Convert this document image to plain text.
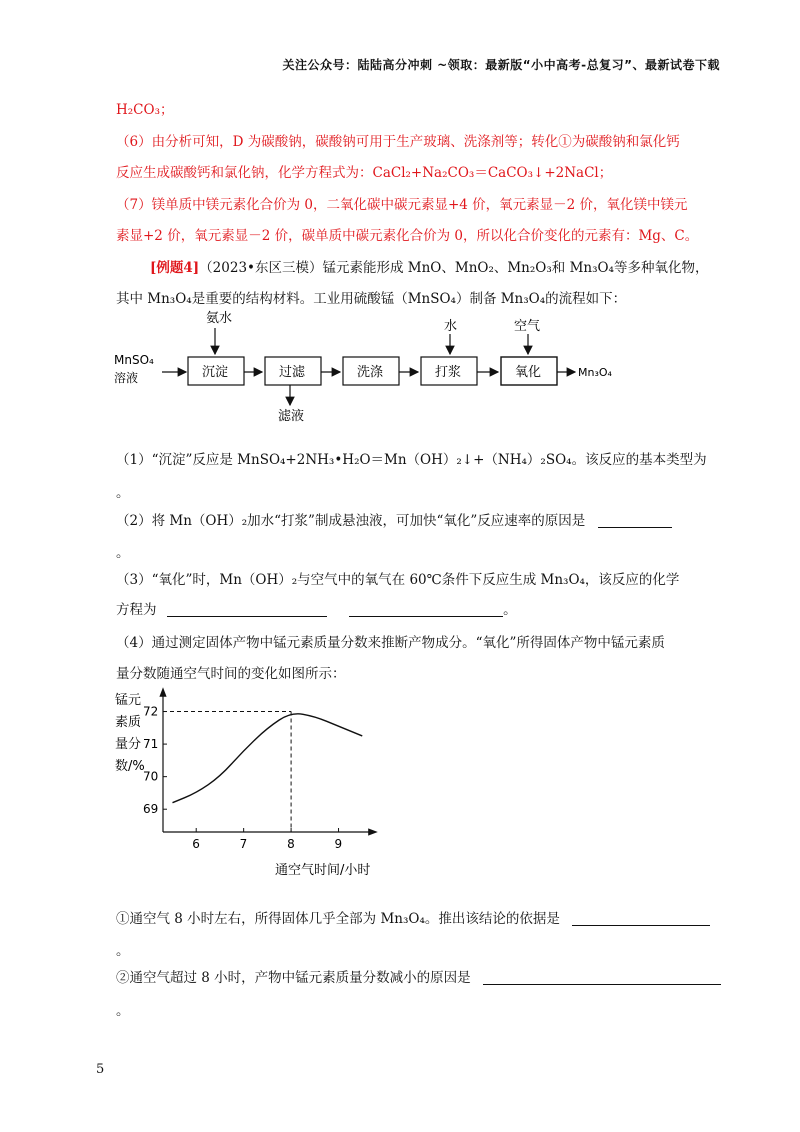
关注公众号：陆陆高分冲刺 ~领取：最新版“小中高考-总复习”、最新试卷下载
H₂CO₃；
（6）由分析可知，D 为碳酸钠，碳酸钠可用于生产玻璃、洗涤剂等；转化①为碳酸钠和氯化钙
反应生成碳酸钙和氯化钠，化学方程式为：CaCl₂+Na₂CO₃＝CaCO₃↓+2NaCl；
（7）镁单质中镁元素化合价为 0，二氧化碳中碳元素显+4 价，氧元素显－2 价，氧化镁中镁元
素显+2 价，氧元素显－2 价，碳单质中碳元素化合价为 0，所以化合价变化的元素有：Mg、C。
[例题4]（2023•东区三模）锰元素能形成 MnO、MnO₂、Mn₂O₃和 Mn₃O₄等多种氧化物，
其中 Mn₃O₄是重要的结构材料。工业用硫酸锰（MnSO₄）制备 Mn₃O₄的流程如下：
MnSO₄
溶液
氨水
沉淀	过滤
滤液
洗涤
水
打浆
空气
氧化	Mn₃O₄
（1）“沉淀”反应是 MnSO₄+2NH₃•H₂O＝Mn（OH）₂↓+（NH₄）₂SO₄。该反应的基本类型为
。
（2）将 Mn（OH）₂加水“打浆”制成悬浊液，可加快“氧化”反应速率的原因是
。
（3）“氧化”时，Mn（OH）₂与空气中的氧气在 60℃条件下反应生成 Mn₃O₄，该反应的化学
方程为	。
（4）通过测定固体产物中锰元素质量分数来推断产物成分。“氧化”所得固体产物中锰元素质
量分数随通空气时间的变化如图所示：
锰元
素质
量分
数/%
6	7	8	9
69
70
71
72
通空气时间/小时
①通空气 8 小时左右，所得固体几乎全部为 Mn₃O₄。推出该结论的依据是
。
②通空气超过 8 小时，产物中锰元素质量分数减小的原因是
。
5
